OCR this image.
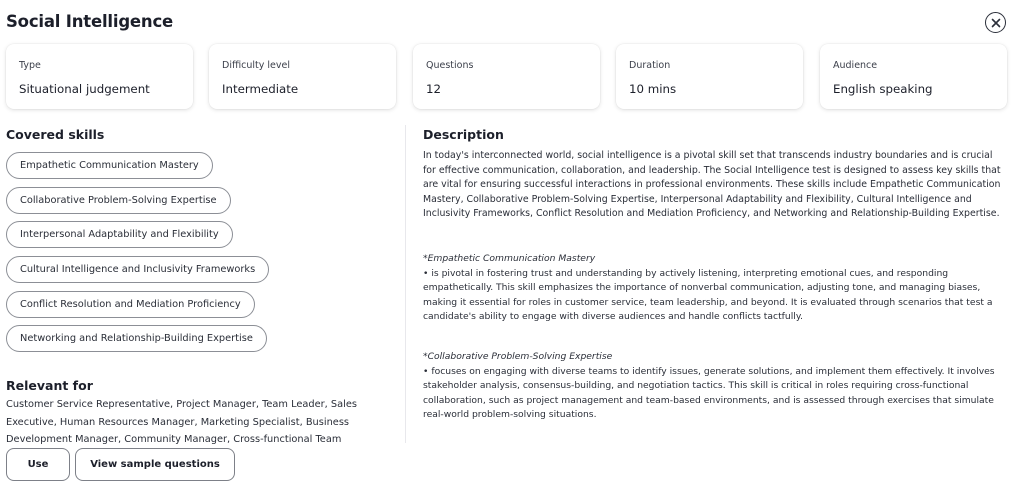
Social Intelligence
Type
Situational judgement
Difficulty level
Intermediate
Questions
12
Duration
10 mins
Audience
English speaking
Covered skills
Empathetic Communication Mastery
Collaborative Problem-Solving Expertise
Interpersonal Adaptability and Flexibility
Cultural Intelligence and Inclusivity Frameworks
Conflict Resolution and Mediation Proficiency
Networking and Relationship-Building Expertise
Relevant for
Customer Service Representative, Project Manager, Team Leader, Sales Executive, Human Resources Manager, Marketing Specialist, Business Development Manager, Community Manager, Cross-functional Team
Use	View sample questions
Description
In today's interconnected world, social intelligence is a pivotal skill set that transcends industry boundaries and is crucial for effective communication, collaboration, and leadership. The Social Intelligence test is designed to assess key skills that are vital for ensuring successful interactions in professional environments. These skills include Empathetic Communication Mastery, Collaborative Problem-Solving Expertise, Interpersonal Adaptability and Flexibility, Cultural Intelligence and Inclusivity Frameworks, Conflict Resolution and Mediation Proficiency, and Networking and Relationship-Building Expertise.
*Empathetic Communication Mastery
• is pivotal in fostering trust and understanding by actively listening, interpreting emotional cues, and responding empathetically. This skill emphasizes the importance of nonverbal communication, adjusting tone, and managing biases, making it essential for roles in customer service, team leadership, and beyond. It is evaluated through scenarios that test a candidate's ability to engage with diverse audiences and handle conflicts tactfully.
*Collaborative Problem-Solving Expertise
• focuses on engaging with diverse teams to identify issues, generate solutions, and implement them effectively. It involves stakeholder analysis, consensus-building, and negotiation tactics. This skill is critical in roles requiring cross-functional collaboration, such as project management and team-based environments, and is assessed through exercises that simulate real-world problem-solving situations.
